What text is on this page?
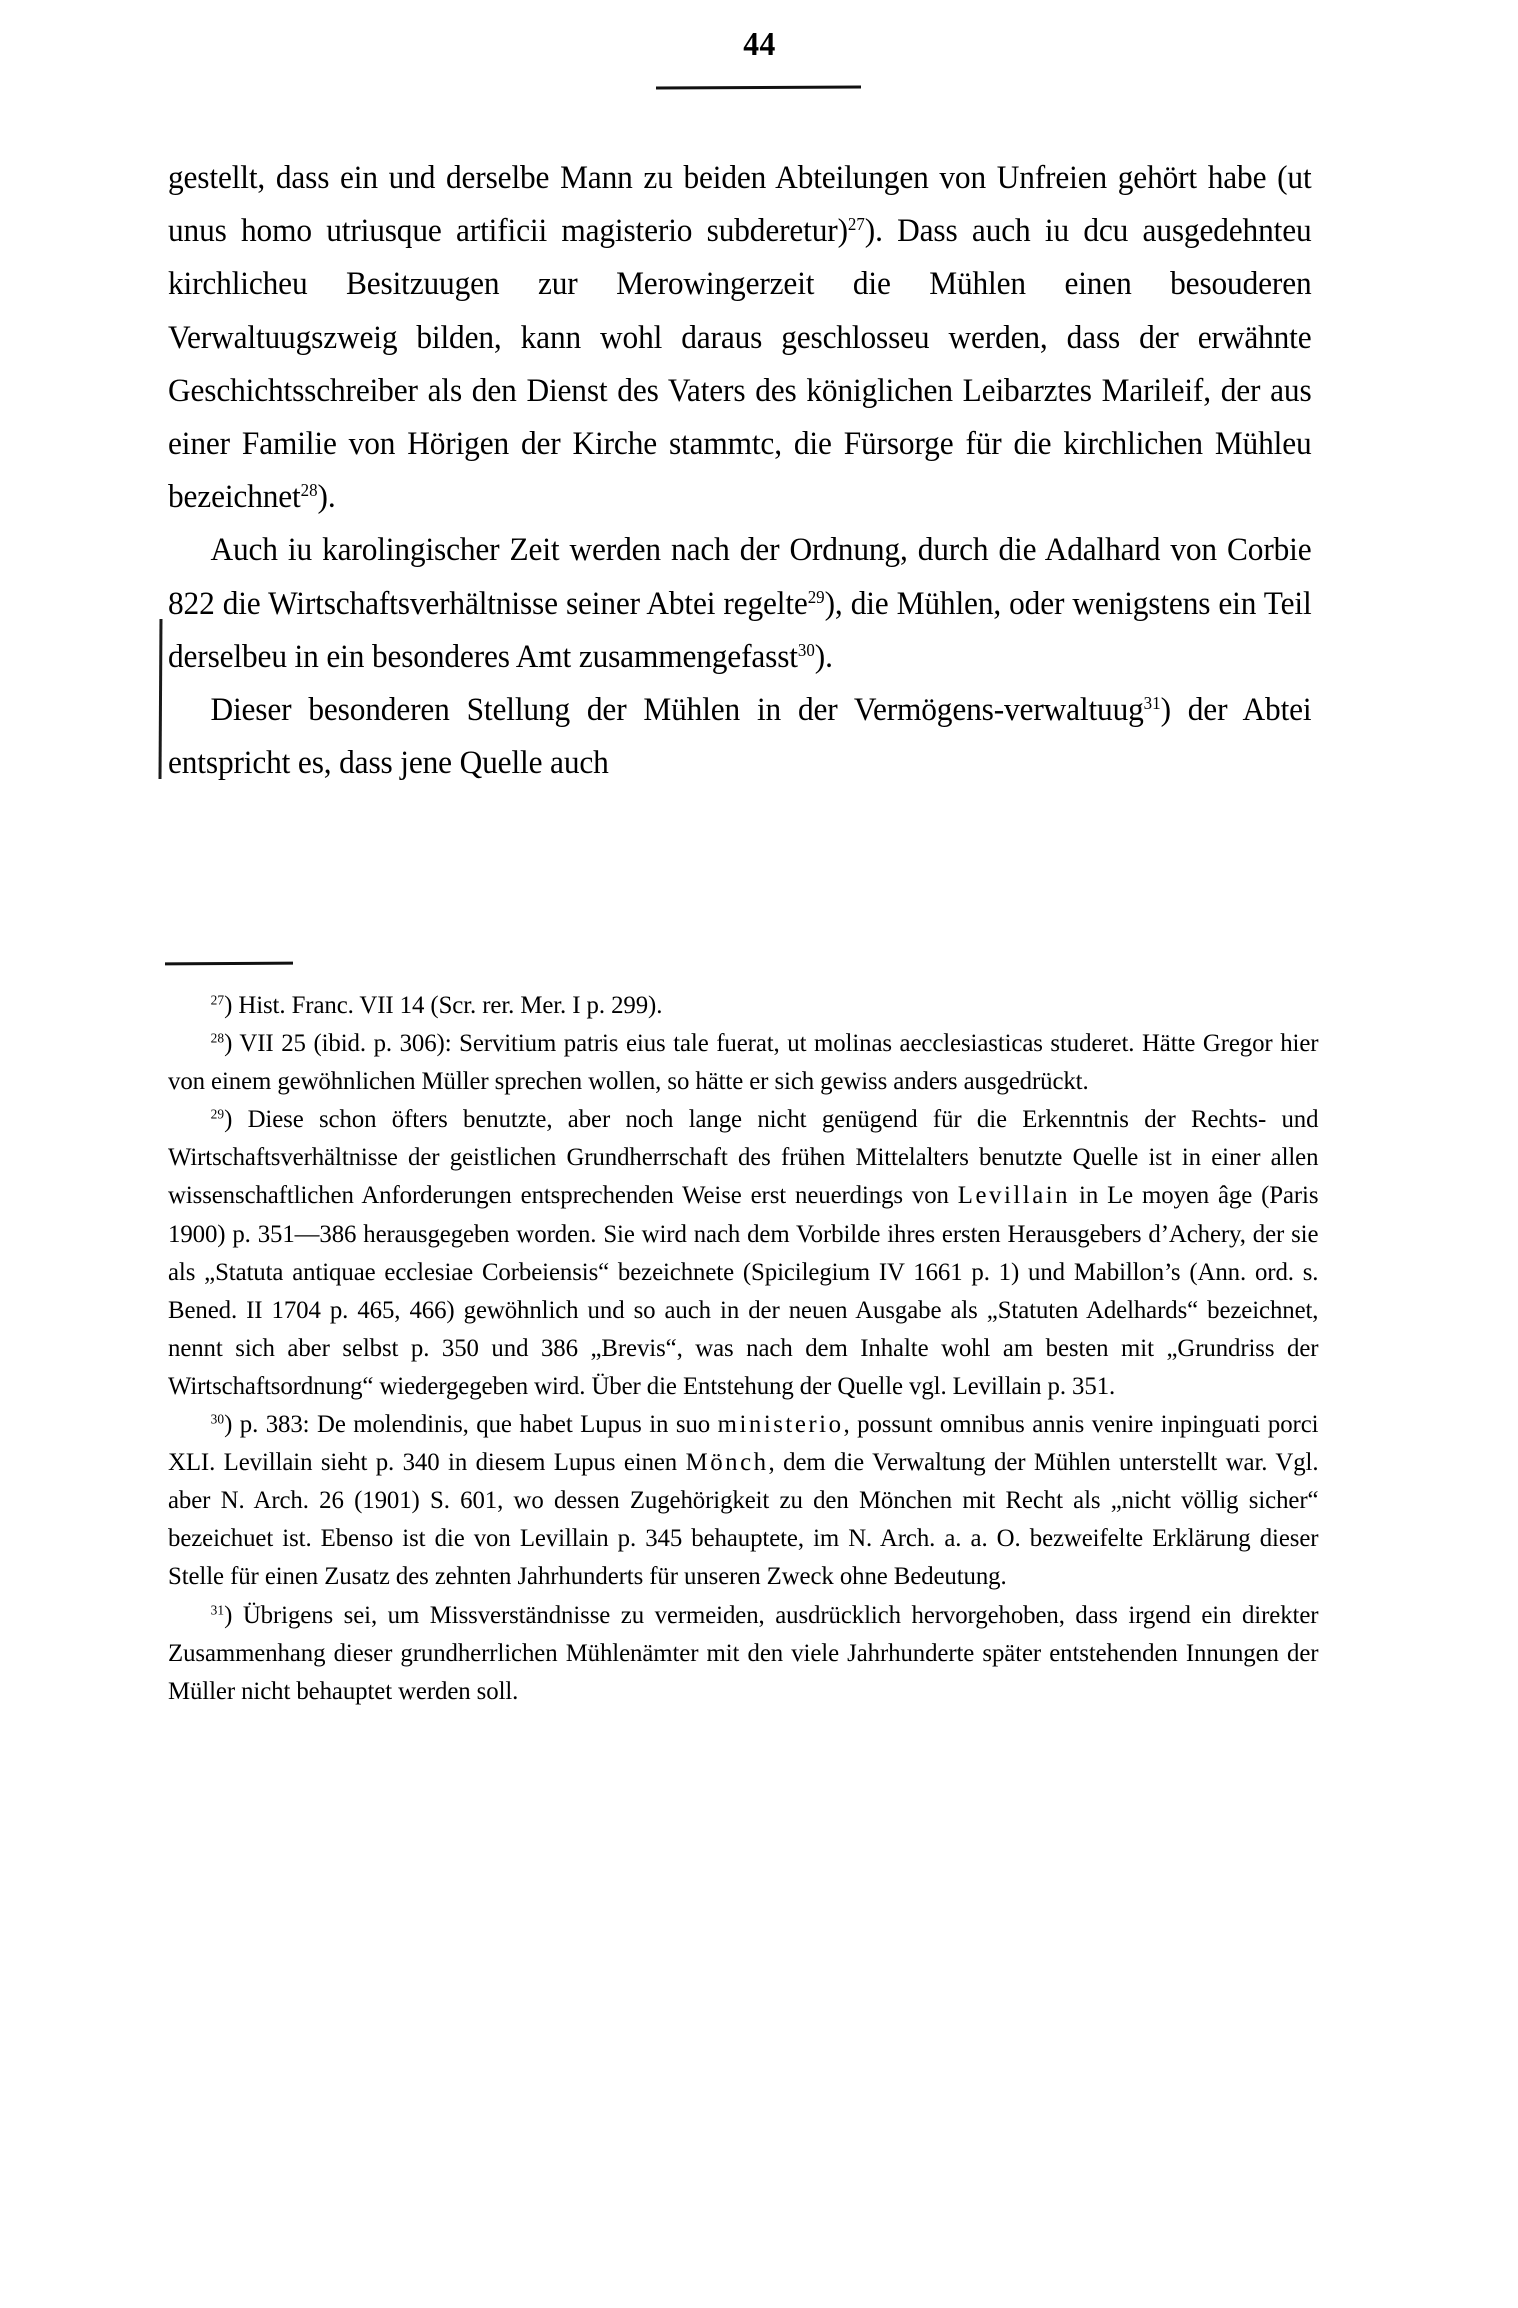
44

gestellt, dass ein und derselbe Mann zu beiden Abteilungen von Unfreien gehört habe (ut unus homo utriusque artificii magisterio subderetur)$^{27}$). Dass auch iu dcu ausgedehnteu kirchlicheu Besitzuugen zur Merowingerzeit die Mühlen einen besouderen Verwaltuugszweig bilden, kann wohl daraus geschlosseu werden, dass der erwähnte Geschichtsschreiber als den Dienst des Vaters des königlichen Leibarztes Marileif, der aus einer Familie von Hörigen der Kirche stammtc, die Fürsorge für die kirchlichen Mühleu bezeichnet$^{28}$).

Auch iu karolingischer Zeit werden nach der Ordnung, durch die Adalhard von Corbie 822 die Wirtschaftsverhältnisse seiner Abtei regelte$^{29}$), die Mühlen, oder wenigstens ein Teil derselbeu in ein besonderes Amt zusammengefasst$^{30}$).

Dieser besonderen Stellung der Mühlen in der Vermögens-verwaltuug$^{31}$) der Abtei entspricht es, dass jene Quelle auch

$^{27}$) Hist. Franc. VII 14 (Scr. rer. Mer. I p. 299).

$^{28}$) VII 25 (ibid. p. 306): Servitium patris eius tale fuerat, ut molinas aecclesiasticas studeret. Hätte Gregor hier von einem gewöhnlichen Müller sprechen wollen, so hätte er sich gewiss anders ausgedrückt.

$^{29}$) Diese schon öfters benutzte, aber noch lange nicht genügend für die Erkenntnis der Rechts- und Wirtschaftsverhältnisse der geistlichen Grundherrschaft des frühen Mittelalters benutzte Quelle ist in einer allen wissenschaftlichen Anforderungen entsprechenden Weise erst neuerdings von Levillain in Le moyen âge (Paris 1900) p. 351—386 herausgegeben worden. Sie wird nach dem Vorbilde ihres ersten Herausgebers d’Achery, der sie als „Statuta antiquae ecclesiae Corbeiensis“ bezeichnete (Spicilegium IV 1661 p. 1) und Mabillon’s (Ann. ord. s. Bened. II 1704 p. 465, 466) gewöhnlich und so auch in der neuen Ausgabe als „Statuten Adelhards“ bezeichnet, nennt sich aber selbst p. 350 und 386 „Brevis“, was nach dem Inhalte wohl am besten mit „Grundriss der Wirtschaftsordnung“ wiedergegeben wird. Über die Entstehung der Quelle vgl. Levillain p. 351.

$^{30}$) p. 383: De molendinis, que habet Lupus in suo ministerio, possunt omnibus annis venire inpinguati porci XLI. Levillain sieht p. 340 in diesem Lupus einen Mönch, dem die Verwaltung der Mühlen unterstellt war. Vgl. aber N. Arch. 26 (1901) S. 601, wo dessen Zugehörigkeit zu den Mönchen mit Recht als „nicht völlig sicher“ bezeichuet ist. Ebenso ist die von Levillain p. 345 behauptete, im N. Arch. a. a. O. bezweifelte Erklärung dieser Stelle für einen Zusatz des zehnten Jahrhunderts für unseren Zweck ohne Bedeutung.

$^{31}$) Übrigens sei, um Missverständnisse zu vermeiden, ausdrücklich hervorgehoben, dass irgend ein direkter Zusammenhang dieser grundherrlichen Mühlenämter mit den viele Jahrhunderte später entstehenden Innungen der Müller nicht behauptet werden soll.
